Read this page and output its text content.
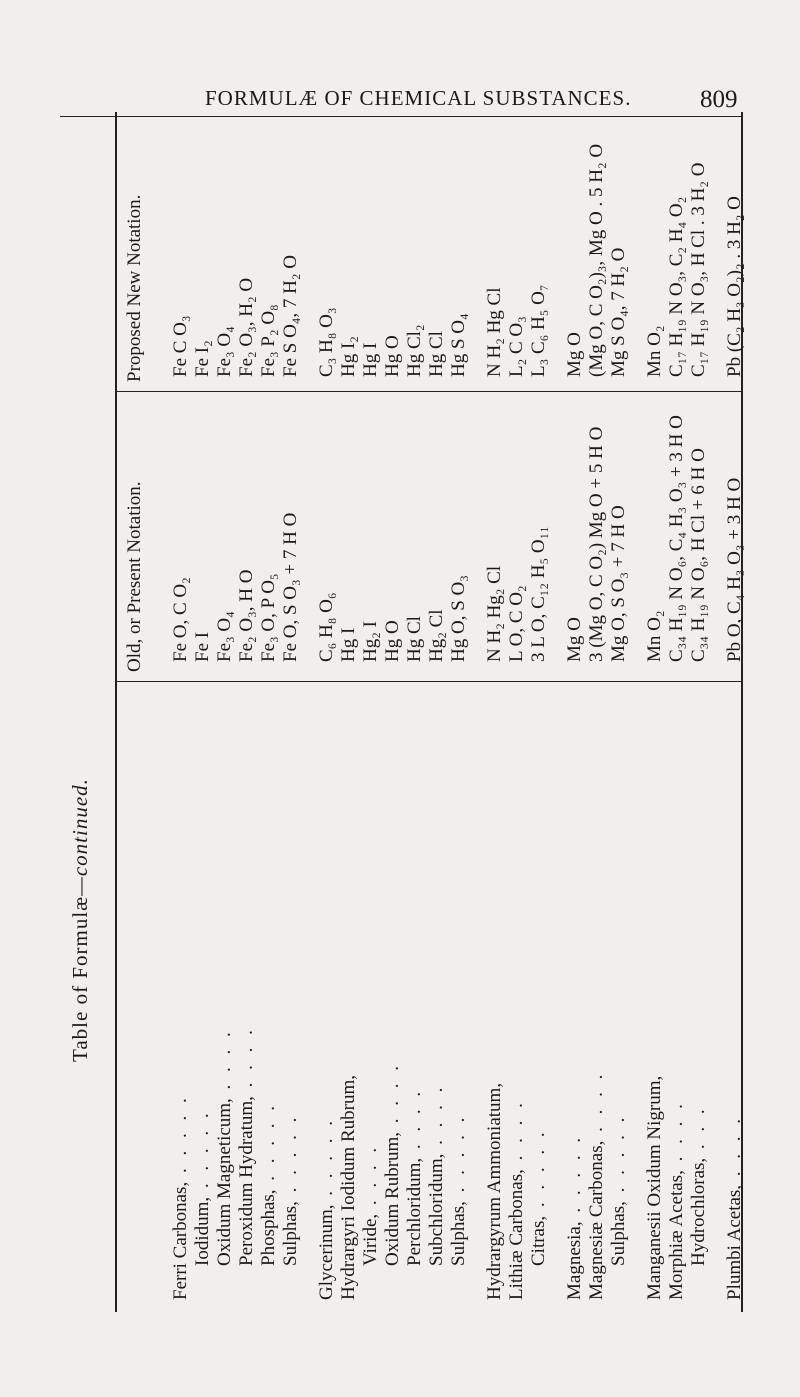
FORMULÆ OF CHEMICAL SUBSTANCES.	809
Table of Formulæ—continued.
Old, or Present Notation.
Proposed New Notation.
Ferri Carbonas, . . . . .
Fe O, C O₂
Fe C O₃
Iodidum, . . . . .
Fe I
Fe I₂
Oxidum Magneticum, . . . .
Fe₃ O₄
Fe₃ O₄
Peroxidum Hydratum, . . . .
Fe₂ O₃, H O
Fe₂ O₃, H₂ O
Phosphas, . . . . .
Fe₃ O, P O₅
Fe₃ P₂ O₈
Sulphas, . . . . .
Fe O, S O₃ + 7 H O
Fe S O₄, 7 H₂ O
Glycerinum, . . . . .
C₆ H₈ O₆
C₃ H₈ O₃
Hydrargyri Iodidum Rubrum,
Hg I
Hg I₂
Viride, . . . .
Hg₂ I
Hg I
Oxidum Rubrum, . . . .
Hg O
Hg O
Perchloridum, . . . .
Hg Cl
Hg Cl₂
Subchloridum, . . . .
Hg₂ Cl
Hg Cl
Sulphas, . . . . .
Hg O, S O₃
Hg S O₄
Hydrargyrum Ammoniatum,
N H₂ Hg₂ Cl
N H₂ Hg Cl
Lithiæ Carbonas, . . . .
L O, C O₂
L₂ C O₃
Citras, . . . . .
3 L O, C₁₂ H₅ O₁₁
L₃ C₆ H₅ O₇
Magnesia, . . . . .
Mg O
Mg O
Magnesiæ Carbonas, . . . .
3 (Mg O, C O₂) Mg O + 5 H O
(Mg O, C O₂)₃, Mg O . 5 H₂ O
Sulphas, . . . . .
Mg O, S O₃ + 7 H O
Mg S O₄, 7 H₂ O
Manganesii Oxidum Nigrum,
Mn O₂
Mn O₂
Morphiæ Acetas, . . . .
C₃₄ H₁₉ N O₆, C₄ H₃ O₃ + 3 H O
C₁₇ H₁₉ N O₃, C₂ H₄ O₂
Hydrochloras, . . .
C₃₄ H₁₉ N O₆, H Cl + 6 H O
C₁₇ H₁₉ N O₃, H Cl . 3 H₂ O
Plumbi Acetas, . . . .
Pb O, C₄ H₃ O₃ + 3 H O
Pb (C₂ H₃ O₂)₂ . 3 H₂ O
